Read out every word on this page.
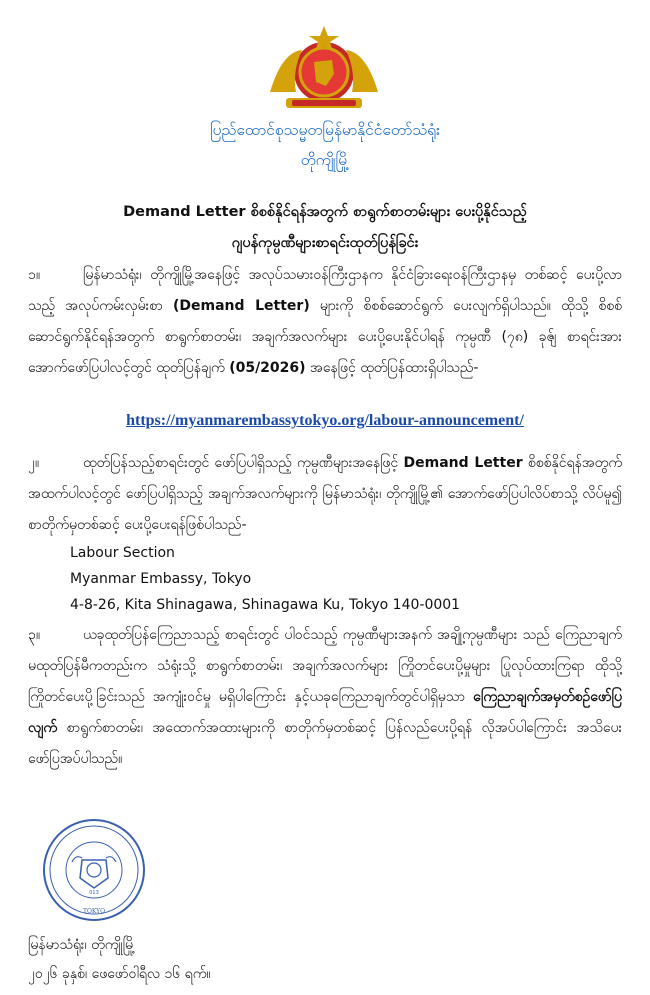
ပြည်ထောင်စုသမ္မတမြန်မာနိုင်ငံတော်သံရုံး
တိုကျိုမြို့
Demand Letter စိစစ်နိုင်ရန်အတွက် စာရွက်စာတမ်းများ ပေးပို့နိုင်သည့်
ဂျပန်ကုမ္ပဏီများစာရင်းထုတ်ပြန်ခြင်း
၁။	မြန်မာသံရုံး၊ တိုကျိုမြို့အနေဖြင့် အလုပ်သမားဝန်ကြီးဌာနက နိုင်ငံခြားရေးဝန်ကြီးဌာနမှ တစ်ဆင့် ပေးပို့လာသည့် အလုပ်ကမ်းလှမ်းစာ (Demand Letter) များကို စိစစ်ဆောင်ရွက် ပေးလျက်ရှိပါသည်။ ထိုသို့ စိစစ်ဆောင်ရွက်နိုင်ရန်အတွက် စာရွက်စာတမ်း၊ အချက်အလက်များ ပေးပို့ပေးနိုင်ပါရန် ကုမ္ပဏီ (၇၈) ခုၛ် စာရင်းအား အောက်ဖော်ပြပါလင့်တွင် ထုတ်ပြန်ချက် (05/2026) အနေဖြင့် ထုတ်ပြန်ထားရှိပါသည်-
https://myanmarembassytokyo.org/labour-announcement/
၂။	ထုတ်ပြန်သည့်စာရင်းတွင် ဖော်ပြပါရှိသည့် ကုမ္ပဏီများအနေဖြင့် Demand Letter စိစစ်နိုင်ရန်အတွက် အထက်ပါလင့်တွင် ဖော်ပြပါရှိသည့် အချက်အလက်များကို မြန်မာသံရုံး၊ တိုကျိုမြို့၏ အောက်ဖော်ပြပါလိပ်စာသို့ လိပ်မူ၍ စာတိုက်မှတစ်ဆင့် ပေးပို့ပေးရန်ဖြစ်ပါသည်-
Labour Section
Myanmar Embassy, Tokyo
4-8-26, Kita Shinagawa, Shinagawa Ku, Tokyo 140-0001
၃။	ယခုထုတ်ပြန်ကြေညာသည့် စာရင်းတွင် ပါဝင်သည့် ကုမ္ပဏီများအနက် အချို့ကုမ္ပဏီများ သည် ကြေညာချက်မထုတ်ပြန်မီကတည်းက သံရုံးသို့ စာရွက်စာတမ်း၊ အချက်အလက်များ ကြိုတင်ပေးပို့မှုများ ပြုလုပ်ထားကြရာ ထိုသို့ကြိုတင်ပေးပို့ခြင်းသည် အကျုံးဝင်မှု မရှိပါကြောင်း နှင့်ယခုကြေညာချက်တွင်ပါရှိမှသာ ကြေညာချက်အမှတ်စဉ်ဖော်ပြလျက် စာရွက်စာတမ်း၊ အထောက်အထားများကို စာတိုက်မှတစ်ဆင့် ပြန်လည်ပေးပို့ရန် လိုအပ်ပါကြောင်း အသိပေး ဖော်ပြအပ်ပါသည်။
013
TOKYO
မြန်မာသံရုံး၊ တိုကျိုမြို့
၂၀၂၆ ခုနှစ်၊ ဖေဖော်ဝါရီလ ၁၆ ရက်။
